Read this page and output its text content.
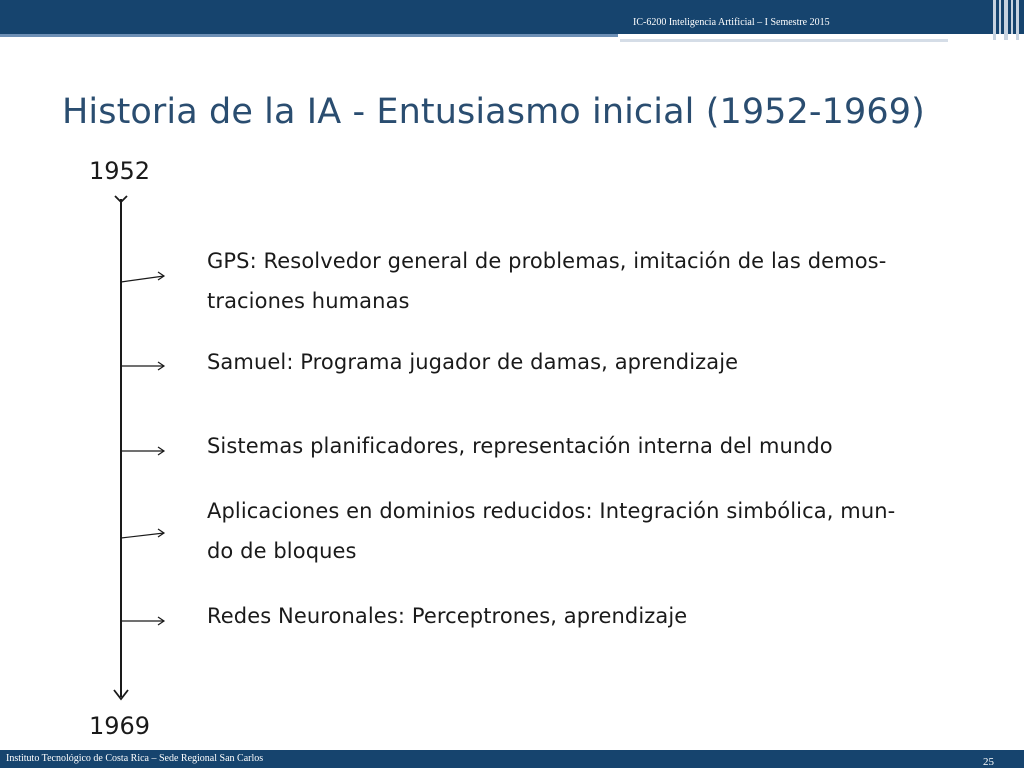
IC-6200 Inteligencia Artificial – I Semestre 2015
Historia de la IA - Entusiasmo inicial (1952-1969)
1952
1969
GPS: Resolvedor general de problemas, imitación de las demos-
traciones humanas
Samuel: Programa jugador de damas, aprendizaje
Sistemas planificadores, representación interna del mundo
Aplicaciones en dominios reducidos: Integración simbólica, mun-
do de bloques
Redes Neuronales: Perceptrones, aprendizaje
Instituto Tecnológico de Costa Rica – Sede Regional San Carlos	25
